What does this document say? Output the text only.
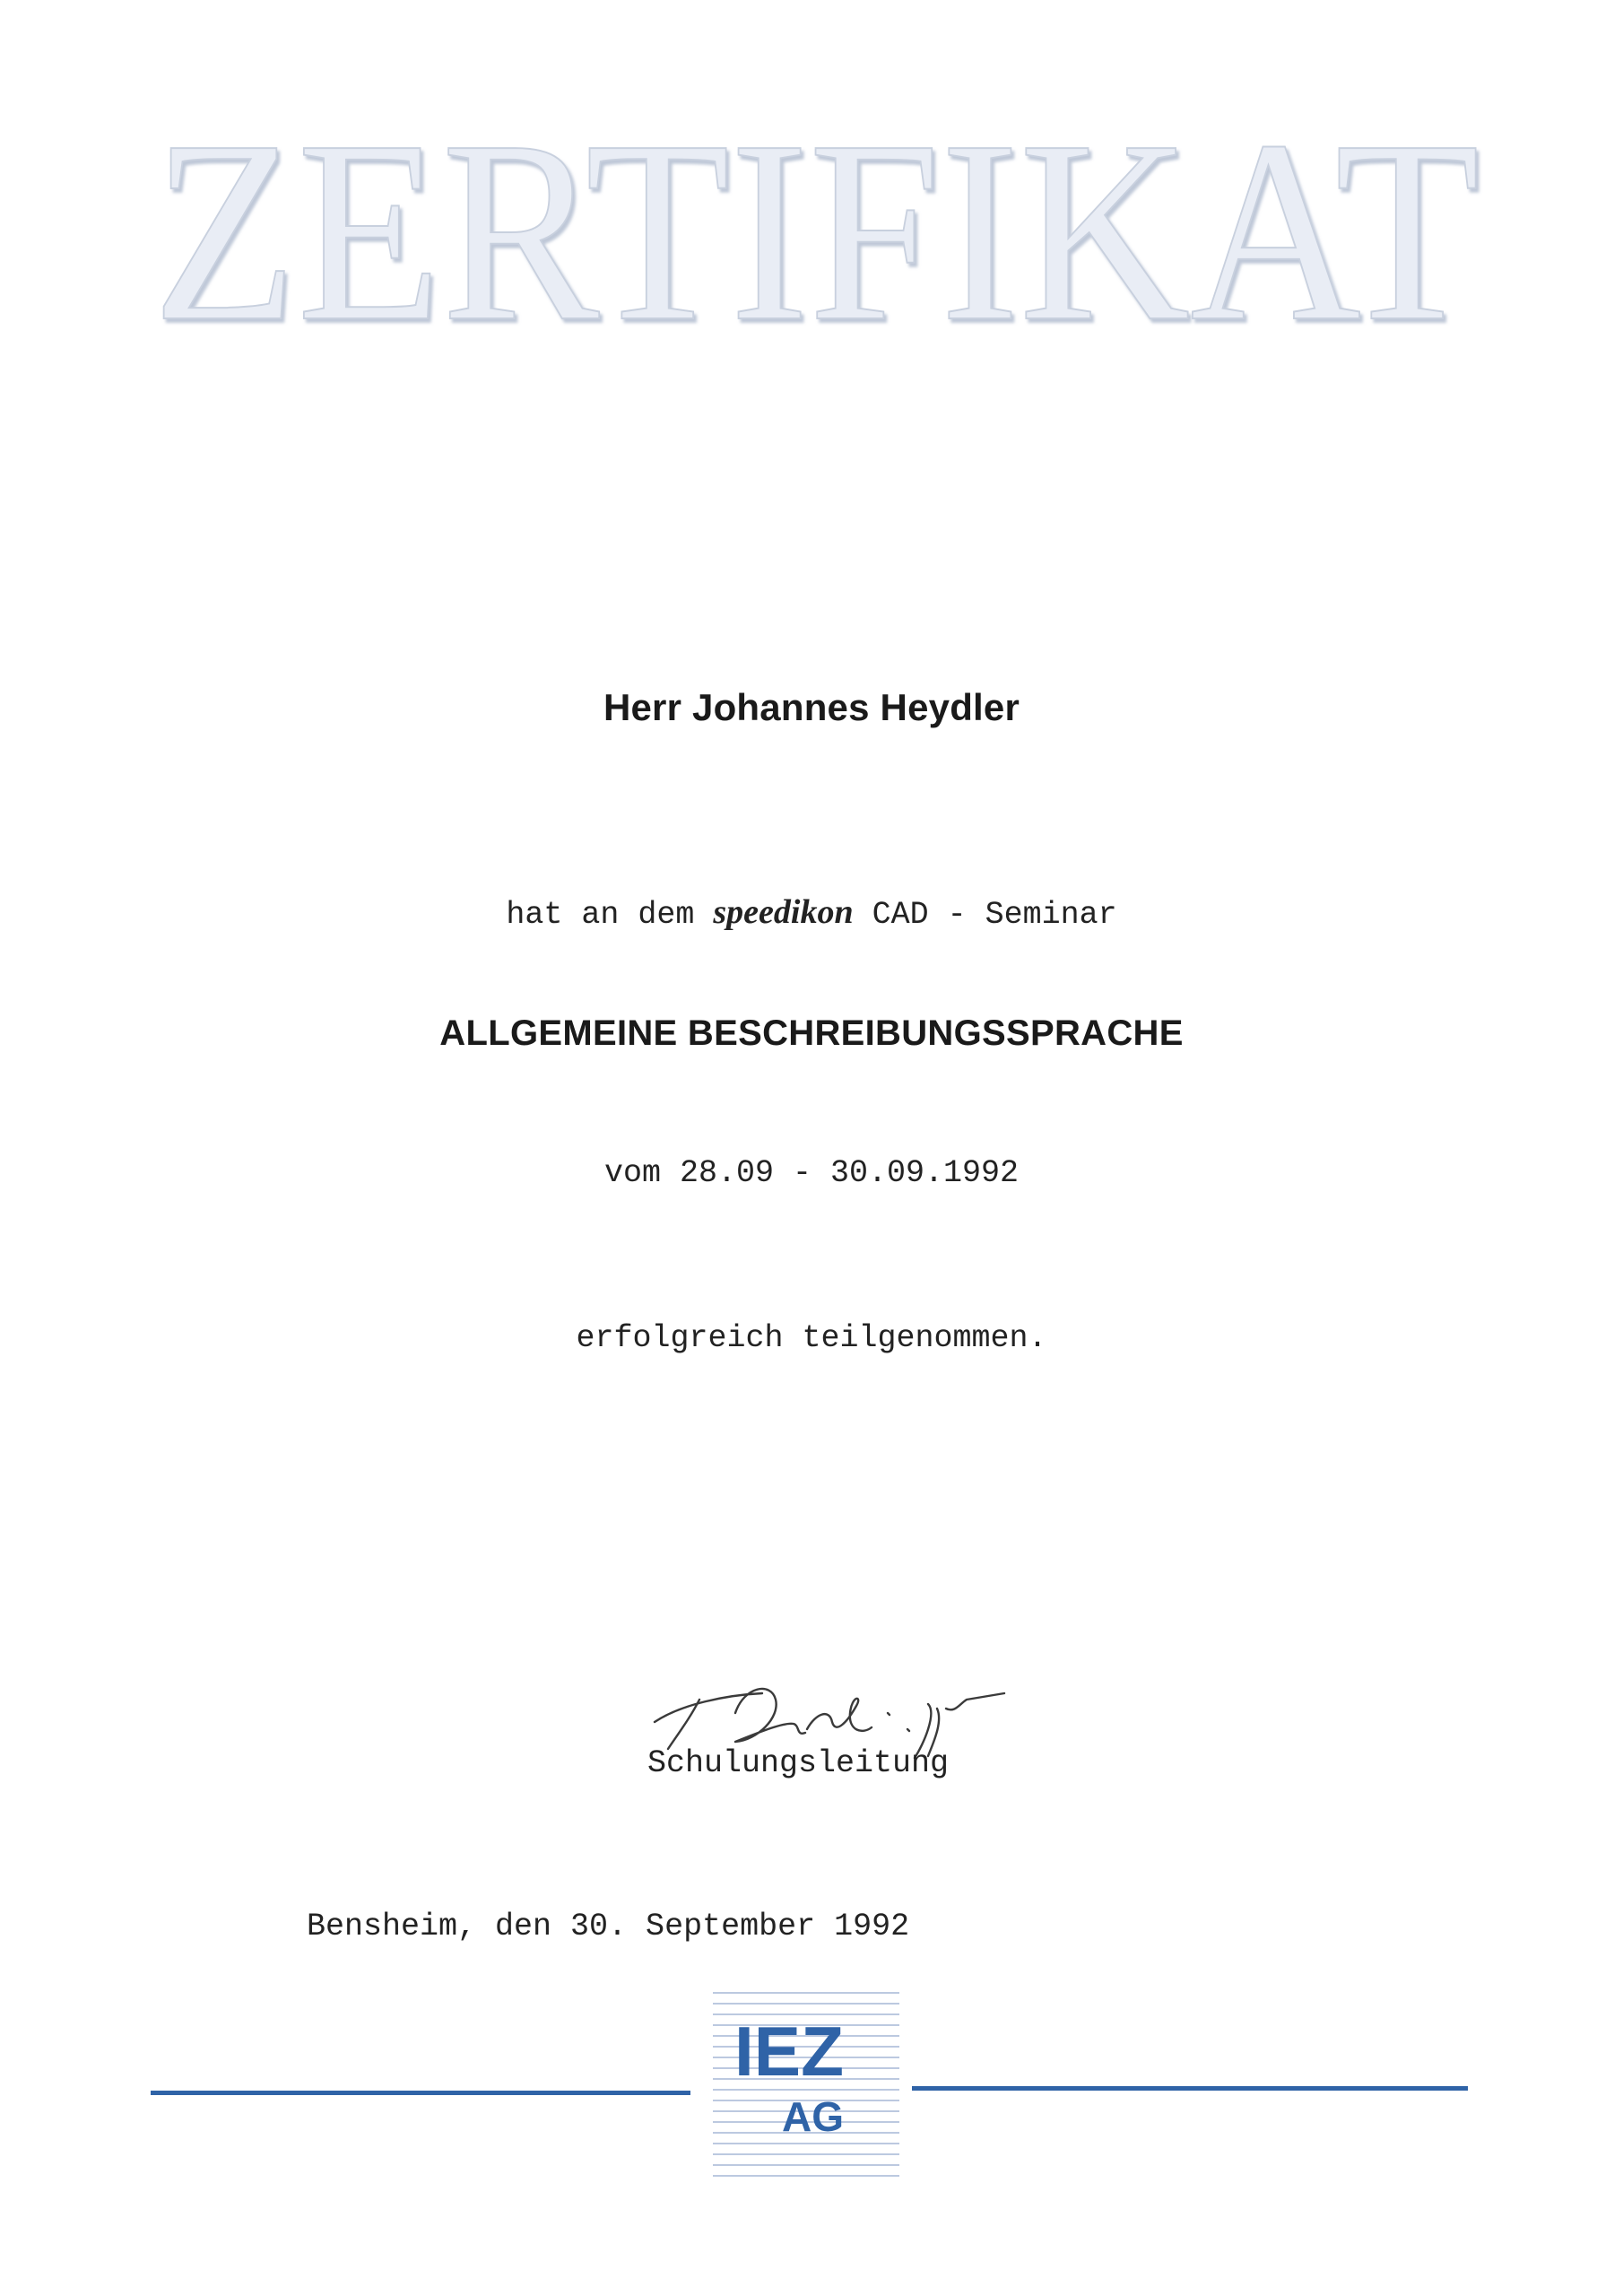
ZERTIFIKAT
Herr Johannes Heydler
hat an dem speedikon CAD - Seminar
ALLGEMEINE BESCHREIBUNGSSPRACHE
vom 28.09 - 30.09.1992
erfolgreich teilgenommen.
Schulungsleitung
Bensheim, den 30. September 1992
IEZ
AG
